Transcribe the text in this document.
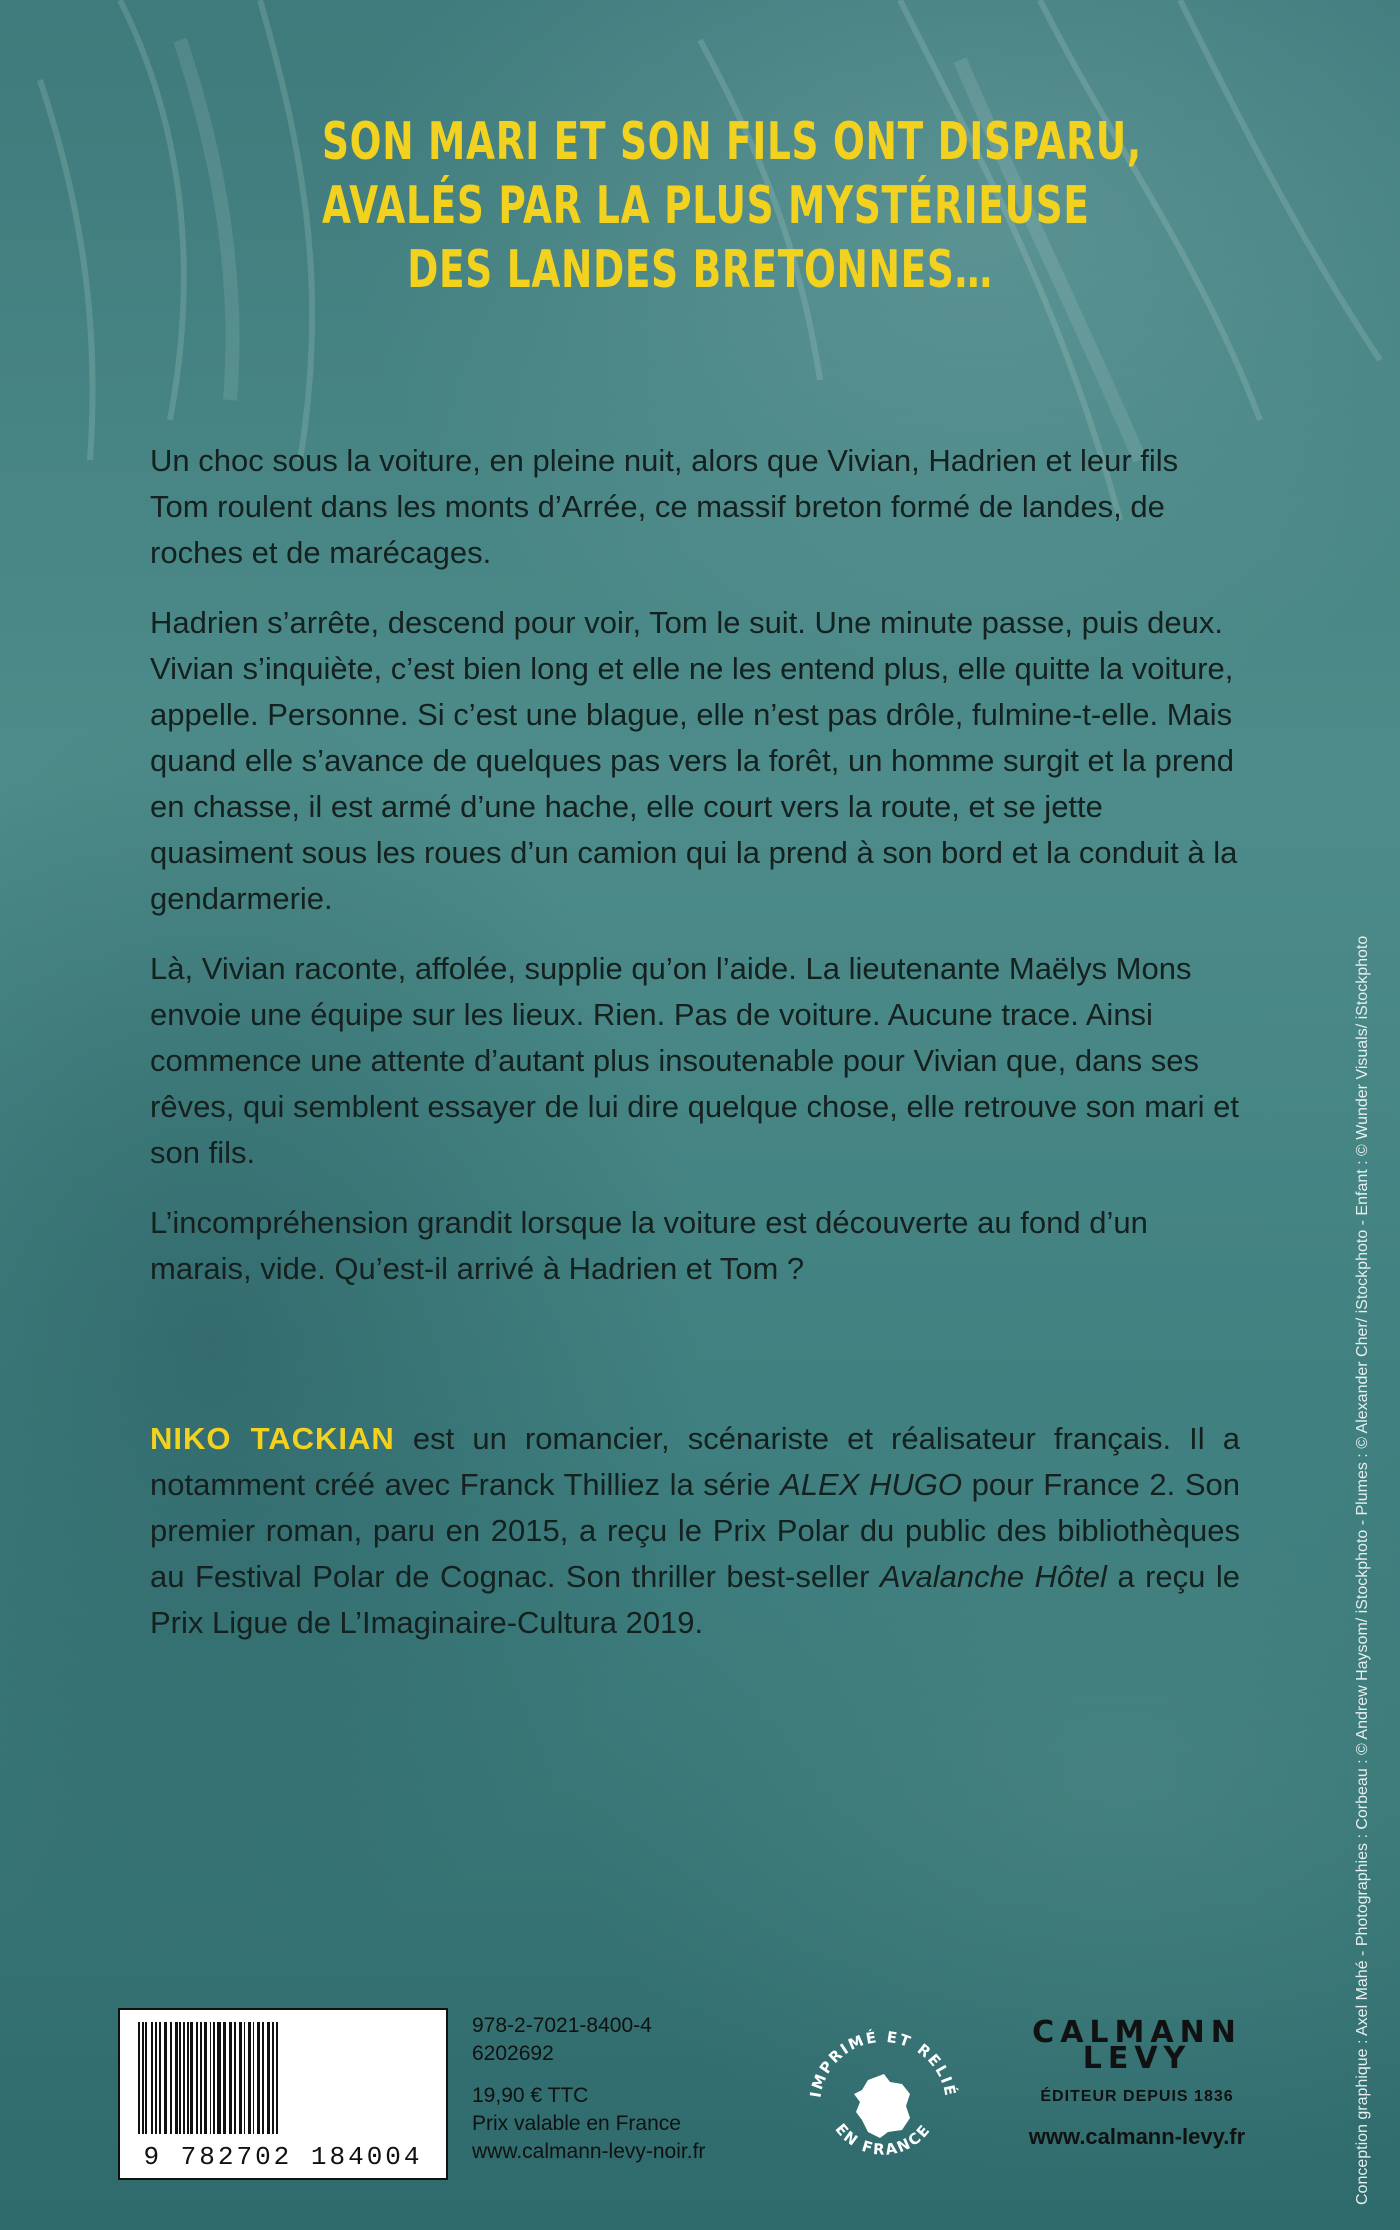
SON MARI ET SON FILS ONT DISPARU,
AVALÉS PAR LA PLUS MYSTÉRIEUSE
DES LANDES BRETONNES…

Un choc sous la voiture, en pleine nuit, alors que Vivian, Hadrien et leur fils Tom roulent dans les monts d’Arrée, ce massif breton formé de landes, de roches et de marécages.

Hadrien s’arrête, descend pour voir, Tom le suit. Une minute passe, puis deux. Vivian s’inquiète, c’est bien long et elle ne les entend plus, elle quitte la voiture, appelle. Personne. Si c’est une blague, elle n’est pas drôle, fulmine-t-elle. Mais quand elle s’avance de quelques pas vers la forêt, un homme surgit et la prend en chasse, il est armé d’une hache, elle court vers la route, et se jette quasiment sous les roues d’un camion qui la prend à son bord et la conduit à la gendarmerie.

Là, Vivian raconte, affolée, supplie qu’on l’aide. La lieutenante Maëlys Mons envoie une équipe sur les lieux. Rien. Pas de voiture. Aucune trace. Ainsi commence une attente d’autant plus insoutenable pour Vivian que, dans ses rêves, qui semblent essayer de lui dire quelque chose, elle retrouve son mari et son fils.

L’incompréhension grandit lorsque la voiture est découverte au fond d’un marais, vide. Qu’est-il arrivé à Hadrien et Tom ?

NIKO TACKIAN est un romancier, scénariste et réalisateur français. Il a notamment créé avec Franck Thilliez la série ALEX HUGO pour France 2. Son premier roman, paru en 2015, a reçu le Prix Polar du public des bibliothèques au Festival Polar de Cognac. Son thriller best-seller Avalanche Hôtel a reçu le Prix Ligue de L’Imaginaire-Cultura 2019.	Conception graphique : Axel Mahé - Photographies : Corbeau : © Andrew Haysom/ iStockphoto - Plumes : © Alexander Cher/ iStockphoto - Enfant : © Wunder Visuals/ iStockphoto
9 782702 184004
978-2-7021-8400-4
6202692
19,90 € TTC
Prix valable en France
www.calmann-levy-noir.fr
IMPRIMÉ ET RELIÉ
EN FRANCE
CALMANN
LEVY
ÉDITEUR DEPUIS 1836
www.calmann-levy.fr
